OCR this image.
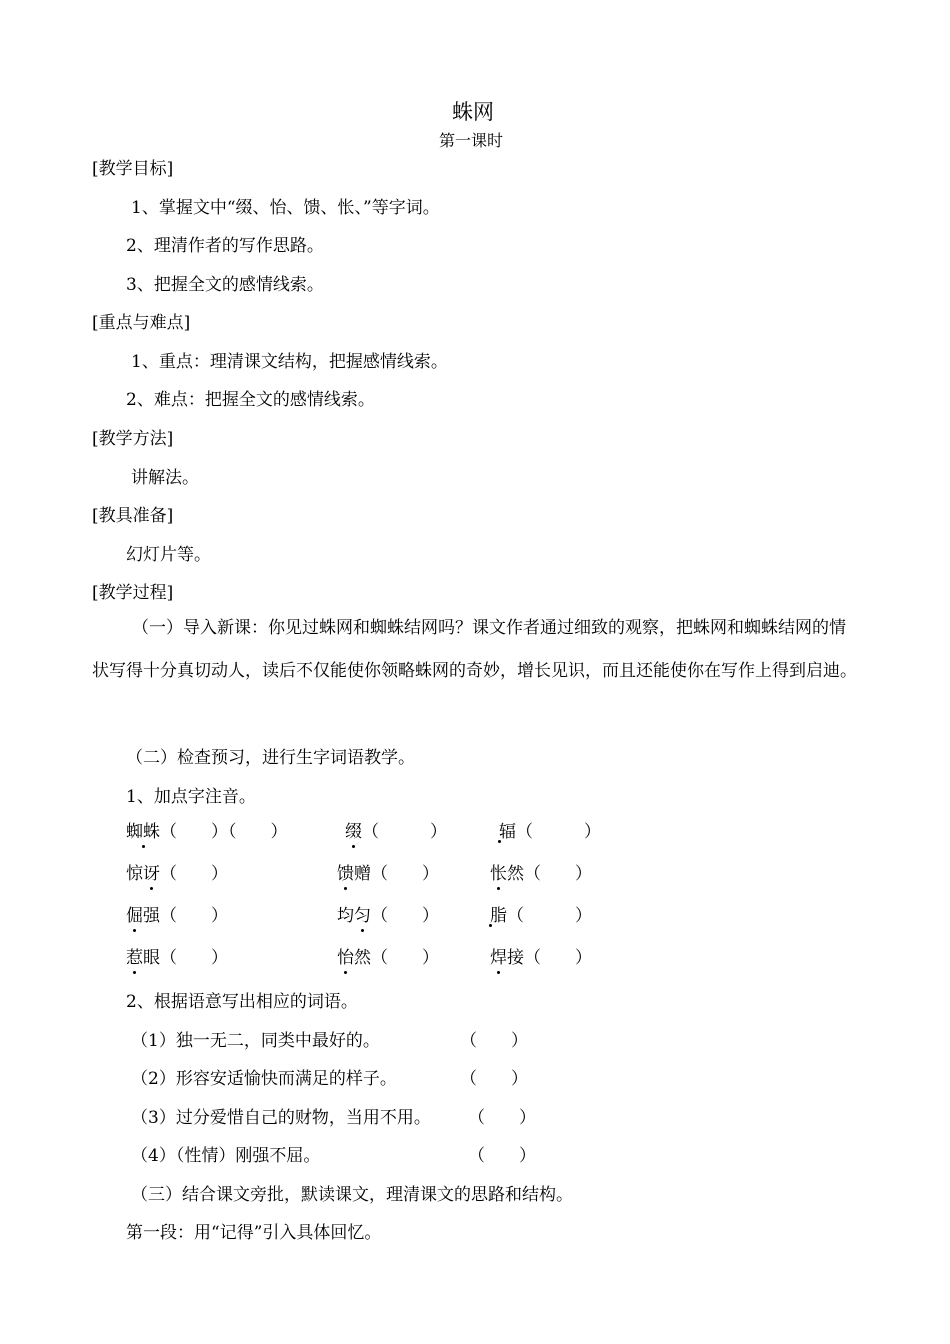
蛛网
第一课时
[教学目标]
1、掌握文中“缀、怡、馈、怅、”等字词。
2、理清作者的写作思路。
3、把握全文的感情线索。
[重点与难点]
1、重点：理清课文结构，把握感情线索。
2、难点：把握全文的感情线索。
[教学方法]
讲解法。
[教具准备]
幻灯片等。
[教学过程]
（一）导入新课：你见过蛛网和蜘蛛结网吗？课文作者通过细致的观察，把蛛网和蜘蛛结网的情状写得十分真切动人，读后不仅能使你领略蛛网的奇妙，增长见识，而且还能使你在写作上得到启迪。
（二）检查预习，进行生字词语教学。
1、加点字注音。
蜘蛛（　　）（　　）	缀（　　　）	辐（　　　）
惊讶（　　）	馈赠（　　）	怅然（　　）
倔强（　　）	均匀（　　）	脂（　　　）
惹眼（　　）	怡然（　　）	焊接（　　）
2、根据语意写出相应的词语。
（1）独一无二，同类中最好的。	（　　）
（2）形容安适愉快而满足的样子。	（　　）
（3）过分爱惜自己的财物，当用不用。 （　　）
（4）（性情）刚强不屈。	（　　）
（三）结合课文旁批，默读课文，理清课文的思路和结构。
第一段：用“记得”引入具体回忆。
